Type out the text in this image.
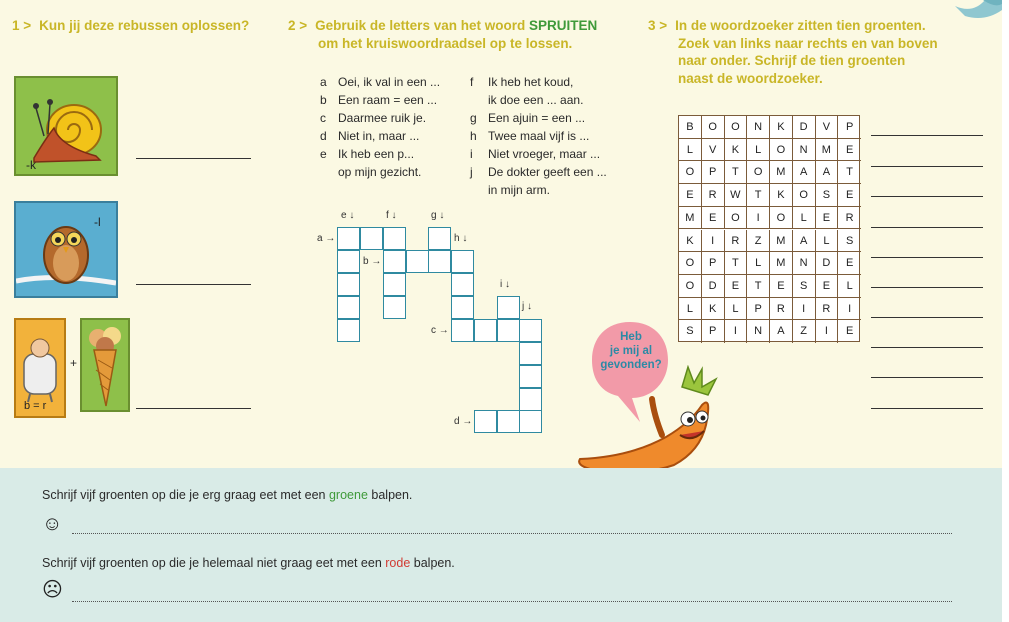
1 > Kun jij deze rebussen oplossen?
-k
-l
b = r
+
2 > Gebruik de letters van het woord SPRUITEN
om het kruiswoordraadsel op te lossen.
a Oei, ik val in een ...
b Een raam = een ...
c	Daarmee ruik je.
d Niet in, maar ...
e Ik heb een p...
op mijn gezicht.
f	Ik heb het koud,
ik doe een ... aan.
g Een ajuin = een ...
h Twee maal vijf is ...
i	Niet vroeger, maar ...
j	De dokter geeft een ...
in mijn arm.
e ↓	f ↓	g ↓
h ↓
i ↓
j ↓
a →
b →
c →
d →
3 > In de woordzoeker zitten tien groenten.
Zoek van links naar rechts en van boven
naar onder. Schrijf de tien groenten
naast de woordzoeker.
B	O	O	N	K	D	V	P
L	V	K	L	O	N	M	E
O	P	T	O	M	A	A	T
E	R	W	T	K	O	S	E
M	E	O	I	O	L	E	R
K	I	R	Z	M	A	L	S
O	P	T	L	M	N	D	E
O	D	E	T	E	S	E	L
L	K	L	P	R	I	R	I
S	P	I	N	A	Z	I	E
Heb
je mij al
gevonden?
Schrijf vijf groenten op die je erg graag eet met een groene balpen.
☺
Schrijf vijf groenten op die je helemaal niet graag eet met een rode balpen.
☹
